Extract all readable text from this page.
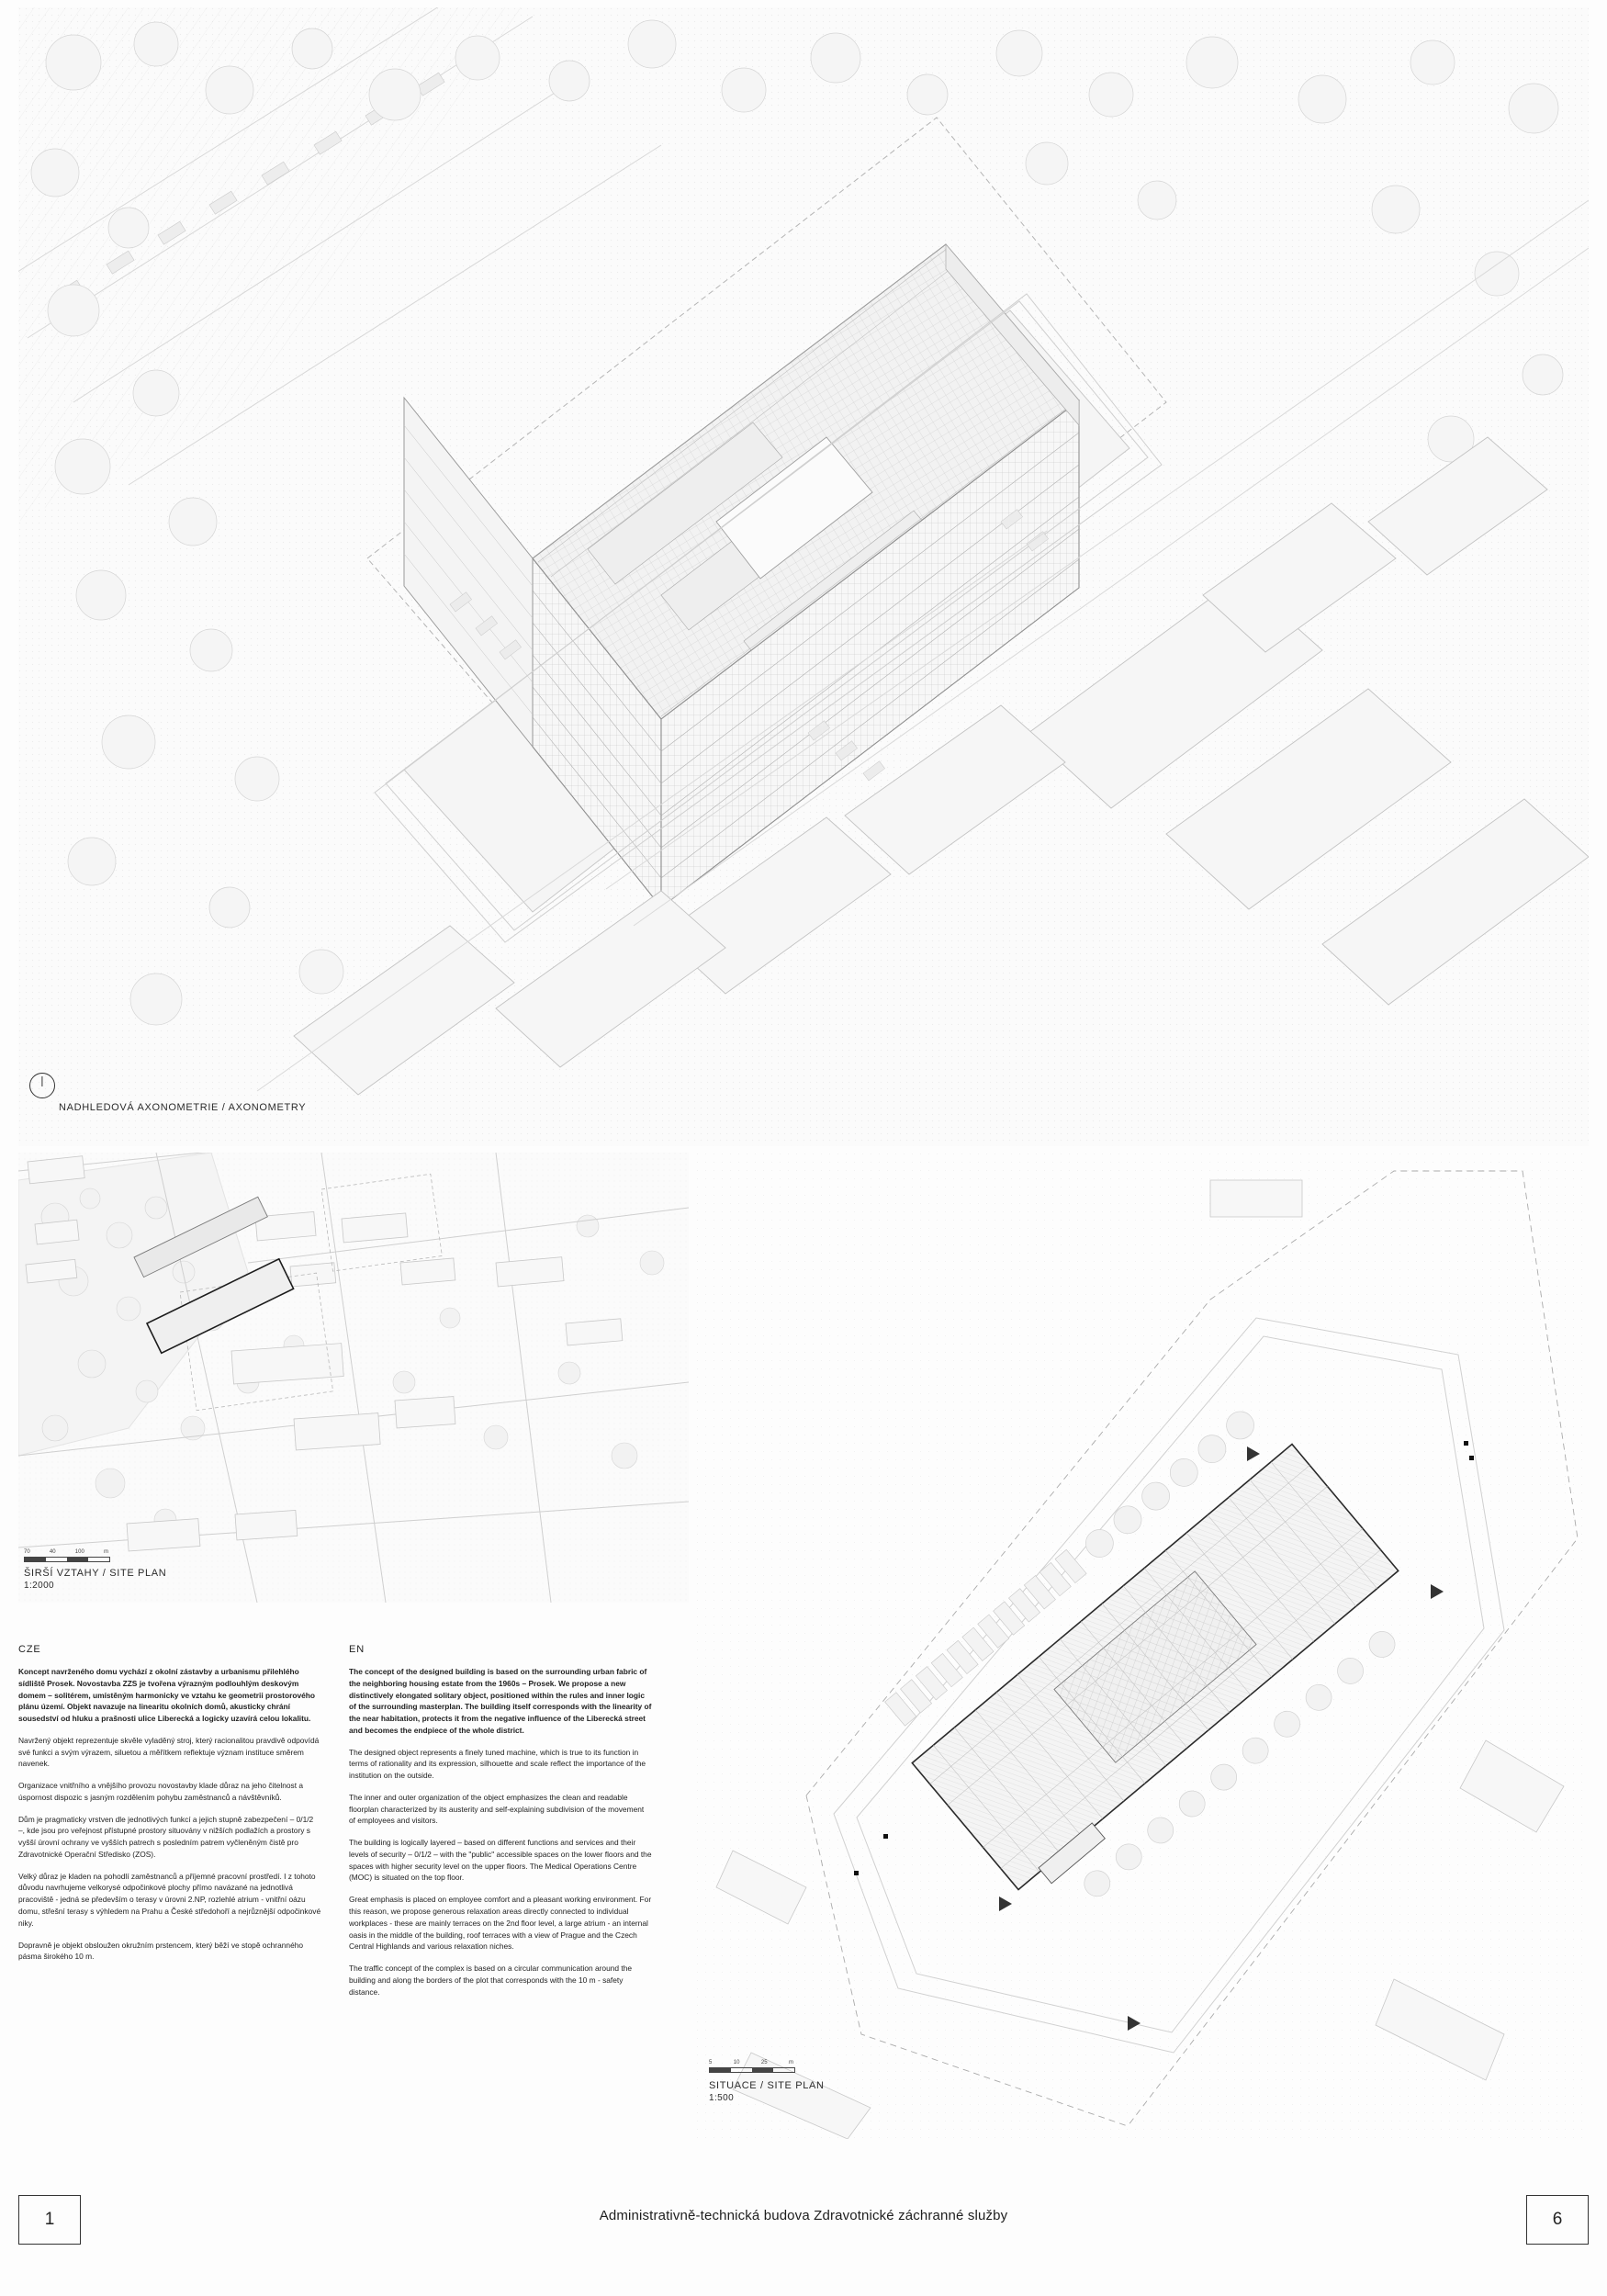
NADHLEDOVÁ AXONOMETRIE / AXONOMETRY
70	40	100	m
ŠIRŠÍ VZTAHY / SITE PLAN
1:2000
5	10	25	m
SITUACE / SITE PLAN
1:500
CZE
Koncept navrženého domu vychází z okolní zástavby a urbanismu přilehlého sídliště Prosek. Novostavba ZZS je tvořena výrazným podlouhlým deskovým domem – solitérem, umístěným harmonicky ve vztahu ke geometrii prostorového plánu území. Objekt navazuje na linearitu okolních domů, akusticky chrání sousedství od hluku a prašnosti ulice Liberecká a logicky uzavírá celou lokalitu.
Navržený objekt reprezentuje skvěle vyladěný stroj, který racionalitou pravdivě odpovídá své funkci a svým výrazem, siluetou a měřítkem reflektuje význam instituce směrem navenek.
Organizace vnitřního a vnějšího provozu novostavby klade důraz na jeho čitelnost a úspornost dispozic s jasným rozdělením pohybu zaměstnanců a návštěvníků.
Dům je pragmaticky vrstven dle jednotlivých funkcí a jejich stupně zabezpečení – 0/1/2 –, kde jsou pro veřejnost přístupné prostory situovány v nižších podlažích a prostory s vyšší úrovní ochrany ve vyšších patrech s posledním patrem vyčleněným čistě pro Zdravotnické Operační Středisko (ZOS).
Velký důraz je kladen na pohodlí zaměstnanců a příjemné pracovní prostředí. I z tohoto důvodu navrhujeme velkorysé odpočinkové plochy přímo navázané na jednotlivá pracoviště - jedná se především o terasy v úrovni 2.NP, rozlehlé atrium - vnitřní oázu domu, střešní terasy s výhledem na Prahu a České středohoří a nejrůznější odpočinkové niky.
Dopravně je objekt obsloužen okružním prstencem, který běží ve stopě ochranného pásma širokého 10 m.
EN
The concept of the designed building is based on the surrounding urban fabric of the neighboring housing estate from the 1960s – Prosek. We propose a new distinctively elongated solitary object, positioned within the rules and inner logic of the surrounding masterplan. The building itself corresponds with the linearity of the near habitation, protects it from the negative influence of the Liberecká street and becomes the endpiece of the whole district.
The designed object represents a finely tuned machine, which is true to its function in terms of rationality and its expression, silhouette and scale reflect the importance of the institution on the outside.
The inner and outer organization of the object emphasizes the clean and readable floorplan characterized by its austerity and self-explaining subdivision of the movement of employees and visitors.
The building is logically layered – based on different functions and services and their levels of security – 0/1/2 – with the "public" accessible spaces on the lower floors and the spaces with higher security level on the upper floors. The Medical Operations Centre (MOC) is situated on the top floor.
Great emphasis is placed on employee comfort and a pleasant working environment. For this reason, we propose generous relaxation areas directly connected to individual workplaces - these are mainly terraces on the 2nd floor level, a large atrium - an internal oasis in the middle of the building, roof terraces with a view of Prague and the Czech Central Highlands and various relaxation niches.
The traffic concept of the complex is based on a circular communication around the building and along the borders of the plot that corresponds with the 10 m - safety distance.
1	Administrativně-technická budova Zdravotnické záchranné služby	6
